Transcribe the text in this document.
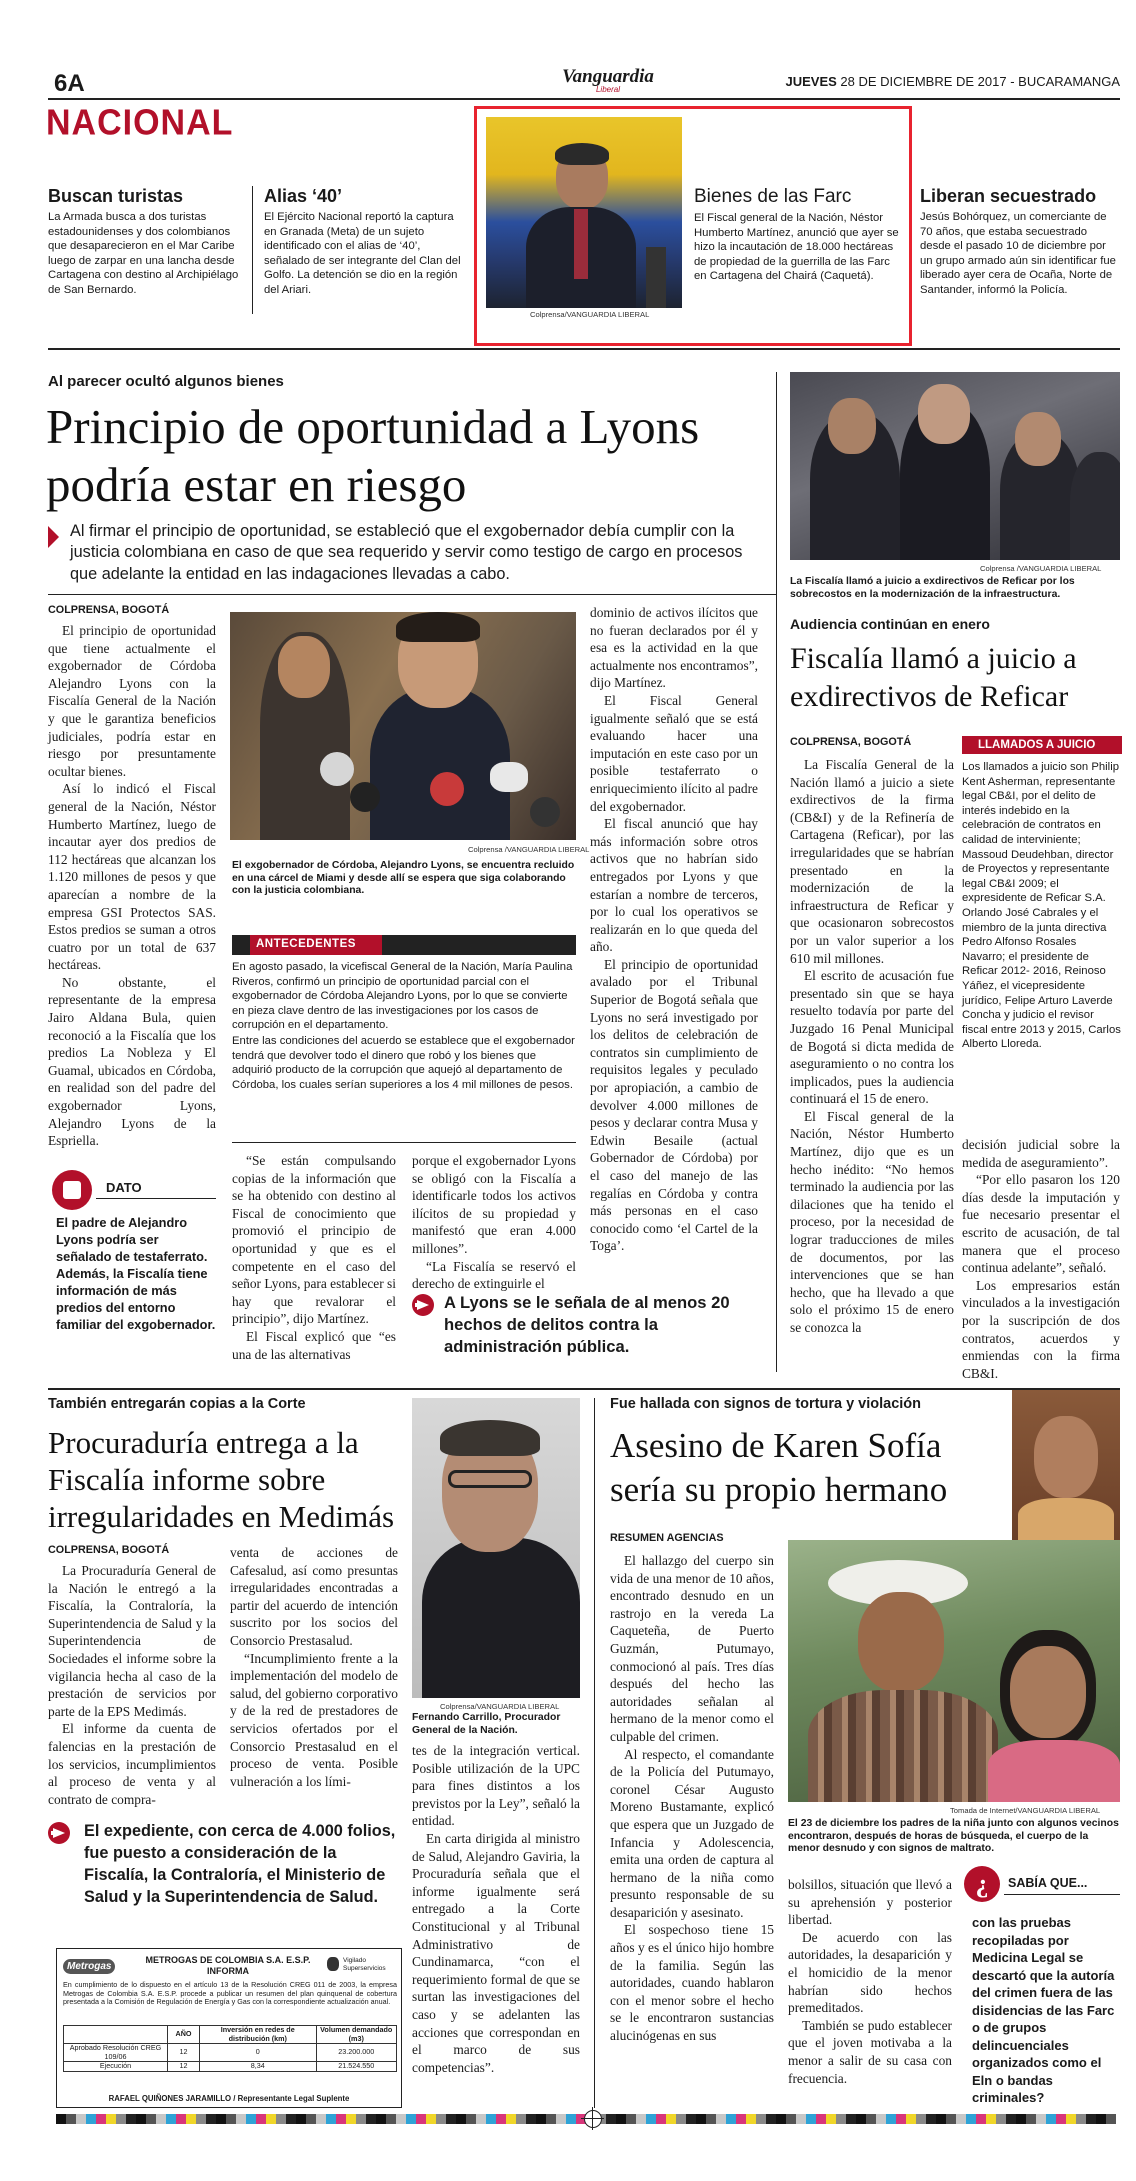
6A	Vanguardia
Liberal
JUEVES 28 DE DICIEMBRE DE 2017 - BUCARAMANGA
NACIONAL
Buscan turistas
La Armada busca a dos turistas estadounidenses y dos colombianos que desaparecieron en el Mar Caribe luego de zarpar en una lancha desde Cartagena con destino al Archipiélago de San Bernardo.
Alias ‘40’
El Ejército Nacional reportó la captura en Granada (Meta) de un sujeto identificado con el alias de ‘40’, señalado de ser integrante del Clan del Golfo. La detención se dio en la región del Ariari.
Colprensa/VANGUARDIA LIBERAL
Bienes de las Farc
El Fiscal general de la Nación, Néstor Humberto Martínez, anunció que ayer se hizo la incautación de 18.000 hectáreas de propiedad de la guerrilla de las Farc en Cartagena del Chairá (Caquetá).
Liberan secuestrado
Jesús Bohórquez, un comerciante de 70 años, que estaba secuestrado desde el pasado 10 de diciembre por un grupo armado aún sin identificar fue liberado ayer cera de Ocaña, Norte de Santander, informó la Policía.
Al parecer ocultó algunos bienes
Principio de oportunidad a Lyons podría estar en riesgo
Al firmar el principio de oportunidad, se estableció que el exgobernador debía cumplir con la justicia colombiana en caso de que sea requerido y servir como testigo de cargo en procesos que adelante la entidad en las indagaciones llevadas a cabo.
COLPRENSA, BOGOTÁ
El principio de oportunidad que tiene actualmente el exgobernador de Córdoba Alejandro Lyons con la Fiscalía General de la Nación y que le garantiza beneficios judiciales, podría estar en riesgo por presuntamente ocultar bienes.
Así lo indicó el Fiscal general de la Nación, Néstor Humberto Martínez, luego de incautar ayer dos predios de 112 hectáreas que alcanzan los 1.120 millones de pesos y que aparecían a nombre de la empresa GSI Protectos SAS. Estos predios se suman a otros cuatro por un total de 637 hectáreas.
No obstante, el representante de la empresa Jairo Aldana Bula, quien reconoció a la Fiscalía que los predios La Nobleza y El Guamal, ubicados en Córdoba, en realidad son del padre del exgobernador Lyons, Alejandro Lyons de la Espriella.
DATO
El padre de Alejandro Lyons podría ser señalado de testaferrato. Además, la Fiscalía tiene información de más predios del entorno familiar del exgobernador.
Colprensa /VANGUARDIA LIBERAL
El exgobernador de Córdoba, Alejandro Lyons, se encuentra recluido en una cárcel de Miami y desde allí se espera que siga colaborando con la justicia colombiana.
ANTECEDENTES
En agosto pasado, la vicefiscal General de la Nación, María Paulina Riveros, confirmó un principio de oportunidad parcial con el exgobernador de Córdoba Alejandro Lyons, por lo que se convierte en pieza clave dentro de las investigaciones por los casos de corrupción en el departamento.
Entre las condiciones del acuerdo se establece que el exgobernador tendrá que devolver todo el dinero que robó y los bienes que adquirió producto de la corrupción que aquejó al departamento de Córdoba, los cuales serían superiores a los 4 mil millones de pesos.
“Se están compulsando copias de la información que se ha obtenido con destino al Fiscal de conocimiento que promovió el principio de oportunidad y que es el competente en el caso del señor Lyons, para establecer si hay que revalorar el principio”, dijo Martínez.
El Fiscal explicó que “es una de las alternativas
porque el exgobernador Lyons se obligó con la Fiscalía a identificarle todos los activos ilícitos de su propiedad y manifestó que eran 4.000 millones”.
“La Fiscalía se reservó el derecho de extinguirle el
A Lyons se le señala de al menos 20 hechos de delitos contra la administración pública.
dominio de activos ilícitos que no fueran declarados por él y esa es la actividad en la que actualmente nos encontramos”, dijo Martínez.
El Fiscal General igualmente señaló que se está evaluando hacer una imputación en este caso por un posible testaferrato o enriquecimiento ilícito al padre del exgobernador.
El fiscal anunció que hay más información sobre otros activos que no habrían sido entregados por Lyons y que estarían a nombre de terceros, por lo cual los operativos se realizarán en lo que queda del año.
El principio de oportunidad avalado por el Tribunal Superior de Bogotá señala que Lyons no será investigado por los delitos de celebración de contratos sin cumplimiento de requisitos legales y peculado por apropiación, a cambio de devolver 4.000 millones de pesos y declarar contra Musa y Edwin Besaile (actual Gobernador de Córdoba) por el caso del manejo de las regalías en Córdoba y contra más personas en el caso conocido como ‘el Cartel de la Toga’.
Colprensa /VANGUARDIA LIBERAL
La Fiscalía llamó a juicio a exdirectivos de Reficar por los sobrecostos en la modernización de la infraestructura.
Audiencia continúan en enero
Fiscalía llamó a juicio a exdirectivos de Reficar
COLPRENSA, BOGOTÁ
La Fiscalía General de la Nación llamó a juicio a siete exdirectivos de la firma (CB&I) y de la Refinería de Cartagena (Reficar), por las irregularidades que se habrían presentado en la modernización de la infraestructura de Reficar y que ocasionaron sobrecostos por un valor superior a los 610 mil millones.
El escrito de acusación fue presentado sin que se haya resuelto todavía por parte del Juzgado 16 Penal Municipal de Bogotá si dicta medida de aseguramiento o no contra los implicados, pues la audiencia continuará el 15 de enero.
El Fiscal general de la Nación, Néstor Humberto Martínez, dijo que es un hecho inédito: “No hemos terminado la audiencia por las dilaciones que ha tenido el proceso, por la necesidad de lograr traducciones de miles de documentos, por las intervenciones que se han hecho, que ha llevado a que solo el próximo 15 de enero se conozca la
LLAMADOS A JUICIO
Los llamados a juicio son Philip Kent Asherman, representante legal CB&I, por el delito de interés indebido en la celebración de contratos en calidad de interviniente; Massoud Deudehban, director de Proyectos y representante legal CB&I 2009; el expresidente de Reficar S.A. Orlando José Cabrales y el miembro de la junta directiva Pedro Alfonso Rosales Navarro; el presidente de Reficar 2012- 2016, Reinoso Yáñez, el vicepresidente jurídico, Felipe Arturo Laverde Concha y judicio el revisor fiscal entre 2013 y 2015, Carlos Alberto Lloreda.
decisión judicial sobre la medida de aseguramiento”.
“Por ello pasaron los 120 días desde la imputación y fue necesario presentar el escrito de acusación, de tal manera que el proceso continua adelante”, señaló.
Los empresarios están vinculados a la investigación por la suscripción de dos contratos, acuerdos y enmiendas con la firma CB&I.
También entregarán copias a la Corte
Procuraduría entrega a la Fiscalía informe sobre irregularidades en Medimás
COLPRENSA, BOGOTÁ
La Procuraduría General de la Nación le entregó a la Fiscalía, la Contraloría, la Superintendencia de Salud y la Superintendencia de Sociedades el informe sobre la vigilancia hecha al caso de la prestación de servicios por parte de la EPS Medimás.
El informe da cuenta de falencias en la prestación de los servicios, incumplimientos al proceso de venta y al contrato de compra-
venta de acciones de Cafesalud, así como presuntas irregularidades encontradas a partir del acuerdo de intención suscrito por los socios del Consorcio Prestasalud.
“Incumplimiento frente a la implementación del modelo de salud, del gobierno corporativo y de la red de prestadores de servicios ofertados por el Consorcio Prestasalud en el proceso de venta. Posible vulneración a los lími-
Colprensa/VANGUARDIA LIBERAL
Fernando Carrillo, Procurador General de la Nación.
tes de la integración vertical. Posible utilización de la UPC para fines distintos a los previstos por la Ley”, señaló la entidad.
En carta dirigida al ministro de Salud, Alejandro Gaviria, la Procuraduría señala que el informe igualmente será entregado a la Corte Constitucional y al Tribunal Administrativo de Cundinamarca, “con el requerimiento formal de que se surtan las investigaciones del caso y se adelanten las acciones que correspondan en el marco de sus competencias”.
El expediente, con cerca de 4.000 folios, fue puesto a consideración de la Fiscalía, la Contraloría, el Ministerio de Salud y la Superintendencia de Salud.
Metrogas
METROGAS DE COLOMBIA S.A. E.S.P.
INFORMA
Vigilado Superservicios
En cumplimiento de lo dispuesto en el artículo 13 de la Resolución CREG 011 de 2003, la empresa Metrogas de Colombia S.A. E.S.P. procede a publicar un resumen del plan quinquenal de cobertura presentada a la Comisión de Regulación de Energía y Gas con la correspondiente actualización anual.
	AÑO	Inversión en redes de distribución (km)	Volumen demandado (m3)
Aprobado Resolución CREG 109/06	12	0	23.200.000
Ejecución	12	8,34	21.524.550
RAFAEL QUIÑONES JARAMILLO / Representante Legal Suplente
Fue hallada con signos de tortura y violación
Asesino de Karen Sofía sería su propio hermano
RESUMEN AGENCIAS
El hallazgo del cuerpo sin vida de una menor de 10 años, encontrado desnudo en un rastrojo en la vereda La Caqueteña, de Puerto Guzmán, Putumayo, conmocionó al país. Tres días después del hecho las autoridades señalan al hermano de la menor como el culpable del crimen.
Al respecto, el comandante de la Policía del Putumayo, coronel César Augusto Moreno Bustamante, explicó que espera que un Juzgado de Infancia y Adolescencia, emita una orden de captura al hermano de la niña como presunto responsable de su desaparición y asesinato.
El sospechoso tiene 15 años y es el único hijo hombre de la familia. Según las autoridades, cuando hablaron con el menor sobre el hecho se le encontraron sustancias alucinógenas en sus
Tomada de Internet/VANGUARDIA LIBERAL
El 23 de diciembre los padres de la niña junto con algunos vecinos encontraron, después de horas de búsqueda, el cuerpo de la menor desnudo y con signos de maltrato.
bolsillos, situación que llevó a su aprehensión y posterior libertad.
De acuerdo con las autoridades, la desaparición y el homicidio de la menor habrían sido hechos premeditados.
También se pudo establecer que el joven motivaba a la menor a salir de su casa con frecuencia.
¿	SABÍA QUE...
con las pruebas recopiladas por Medicina Legal se descartó que la autoría del crimen fuera de las disidencias de las Farc o de grupos delincuenciales organizados como el Eln o bandas criminales?
